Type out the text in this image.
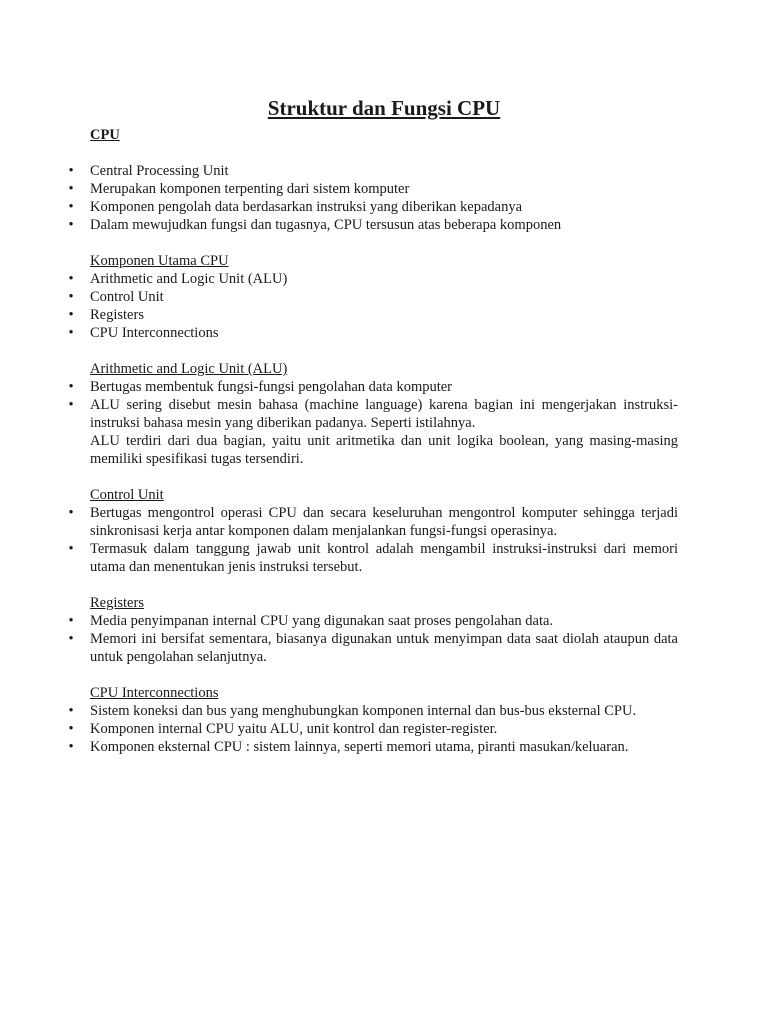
Struktur dan Fungsi CPU
CPU
• Central Processing Unit
• Merupakan komponen terpenting dari sistem komputer
• Komponen pengolah data berdasarkan instruksi yang diberikan kepadanya
• Dalam mewujudkan fungsi dan tugasnya, CPU tersusun atas beberapa komponen
Komponen Utama CPU
• Arithmetic and Logic Unit (ALU)
• Control Unit
• Registers
• CPU Interconnections
Arithmetic and Logic Unit (ALU)
• Bertugas membentuk fungsi-fungsi pengolahan data komputer
• ALU sering disebut mesin bahasa (machine language) karena bagian ini mengerjakan instruksi-instruksi bahasa mesin yang diberikan padanya. Seperti istilahnya.

ALU terdiri dari dua bagian, yaitu unit aritmetika dan unit logika boolean, yang masing-masing memiliki spesifikasi tugas tersendiri.

Control Unit
• Bertugas mengontrol operasi CPU dan secara keseluruhan mengontrol komputer sehingga terjadi sinkronisasi kerja antar komponen dalam menjalankan fungsi-fungsi operasinya.
• Termasuk dalam tanggung jawab unit kontrol adalah mengambil instruksi-instruksi dari memori utama dan menentukan jenis instruksi tersebut.
Registers
• Media penyimpanan internal CPU yang digunakan saat proses pengolahan data.
• Memori ini bersifat sementara, biasanya digunakan untuk menyimpan data saat diolah ataupun data untuk pengolahan selanjutnya.
CPU Interconnections
• Sistem koneksi dan bus yang menghubungkan komponen internal dan bus-bus eksternal CPU.
• Komponen internal CPU yaitu ALU, unit kontrol dan register-register.
• Komponen eksternal CPU : sistem lainnya, seperti memori utama, piranti masukan/keluaran.
